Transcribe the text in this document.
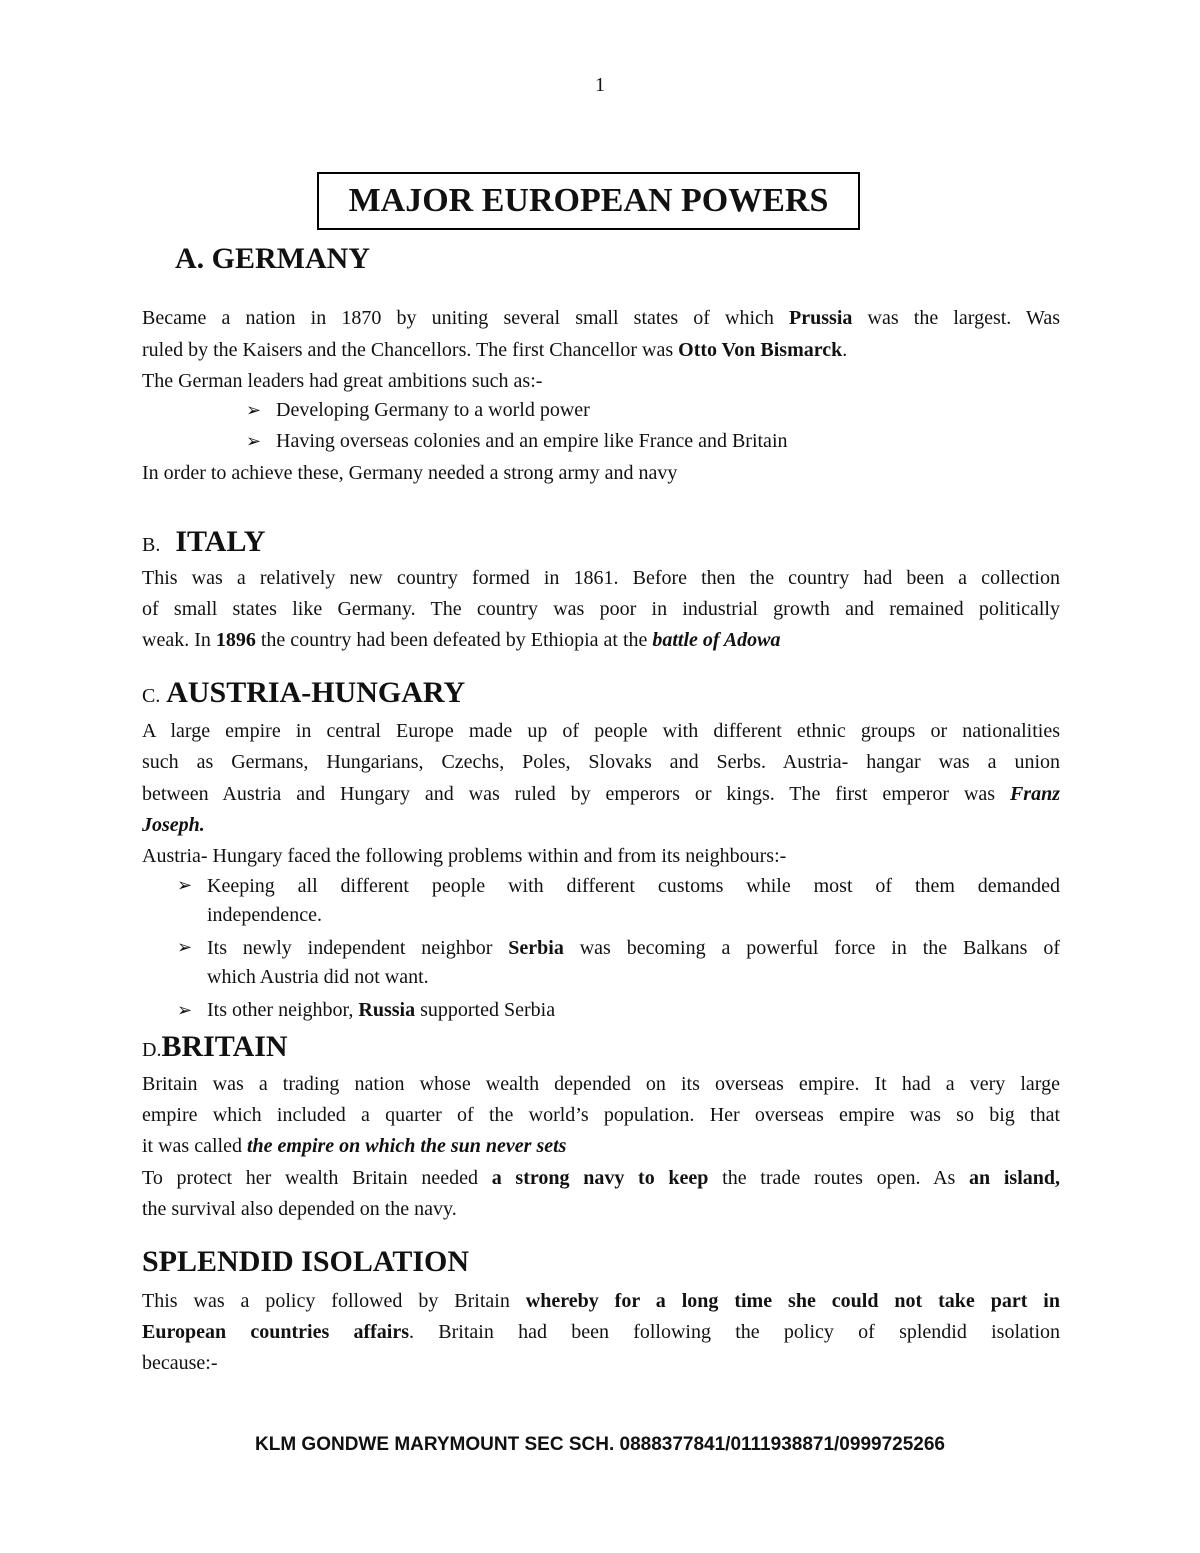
1
MAJOR EUROPEAN POWERS
A. GERMANY
Became a nation in 1870 by uniting several small states of which Prussia was the largest. Was
ruled by the Kaisers and the Chancellors. The first Chancellor was Otto Von Bismarck.
The German leaders had great ambitions such as:-
➢ Developing Germany to a world power
➢ Having overseas colonies and an empire like France and Britain
In order to achieve these, Germany needed a strong army and navy
B. ITALY
This was a relatively new country formed in 1861. Before then the country had been a collection
of small states like Germany. The country was poor in industrial growth and remained politically
weak. In 1896 the country had been defeated by Ethiopia at the battle of Adowa
C. AUSTRIA-HUNGARY
A large empire in central Europe made up of people with different ethnic groups or nationalities
such as Germans, Hungarians, Czechs, Poles, Slovaks and Serbs. Austria- hangar was a union
between Austria and Hungary and was ruled by emperors or kings. The first emperor was Franz
Joseph.
Austria- Hungary faced the following problems within and from its neighbours:-
➢ Keeping all different people with different customs while most of them demanded
independence.
➢ Its newly independent neighbor Serbia was becoming a powerful force in the Balkans of
which Austria did not want.
➢ Its other neighbor, Russia supported Serbia
D.BRITAIN
Britain was a trading nation whose wealth depended on its overseas empire. It had a very large
empire which included a quarter of the world’s population. Her overseas empire was so big that
it was called the empire on which the sun never sets
To protect her wealth Britain needed a strong navy to keep the trade routes open. As an island,
the survival also depended on the navy.
SPLENDID ISOLATION
This was a policy followed by Britain whereby for a long time she could not take part in
European countries affairs. Britain had been following the policy of splendid isolation
because:-
KLM GONDWE MARYMOUNT SEC SCH. 0888377841/0111938871/0999725266
